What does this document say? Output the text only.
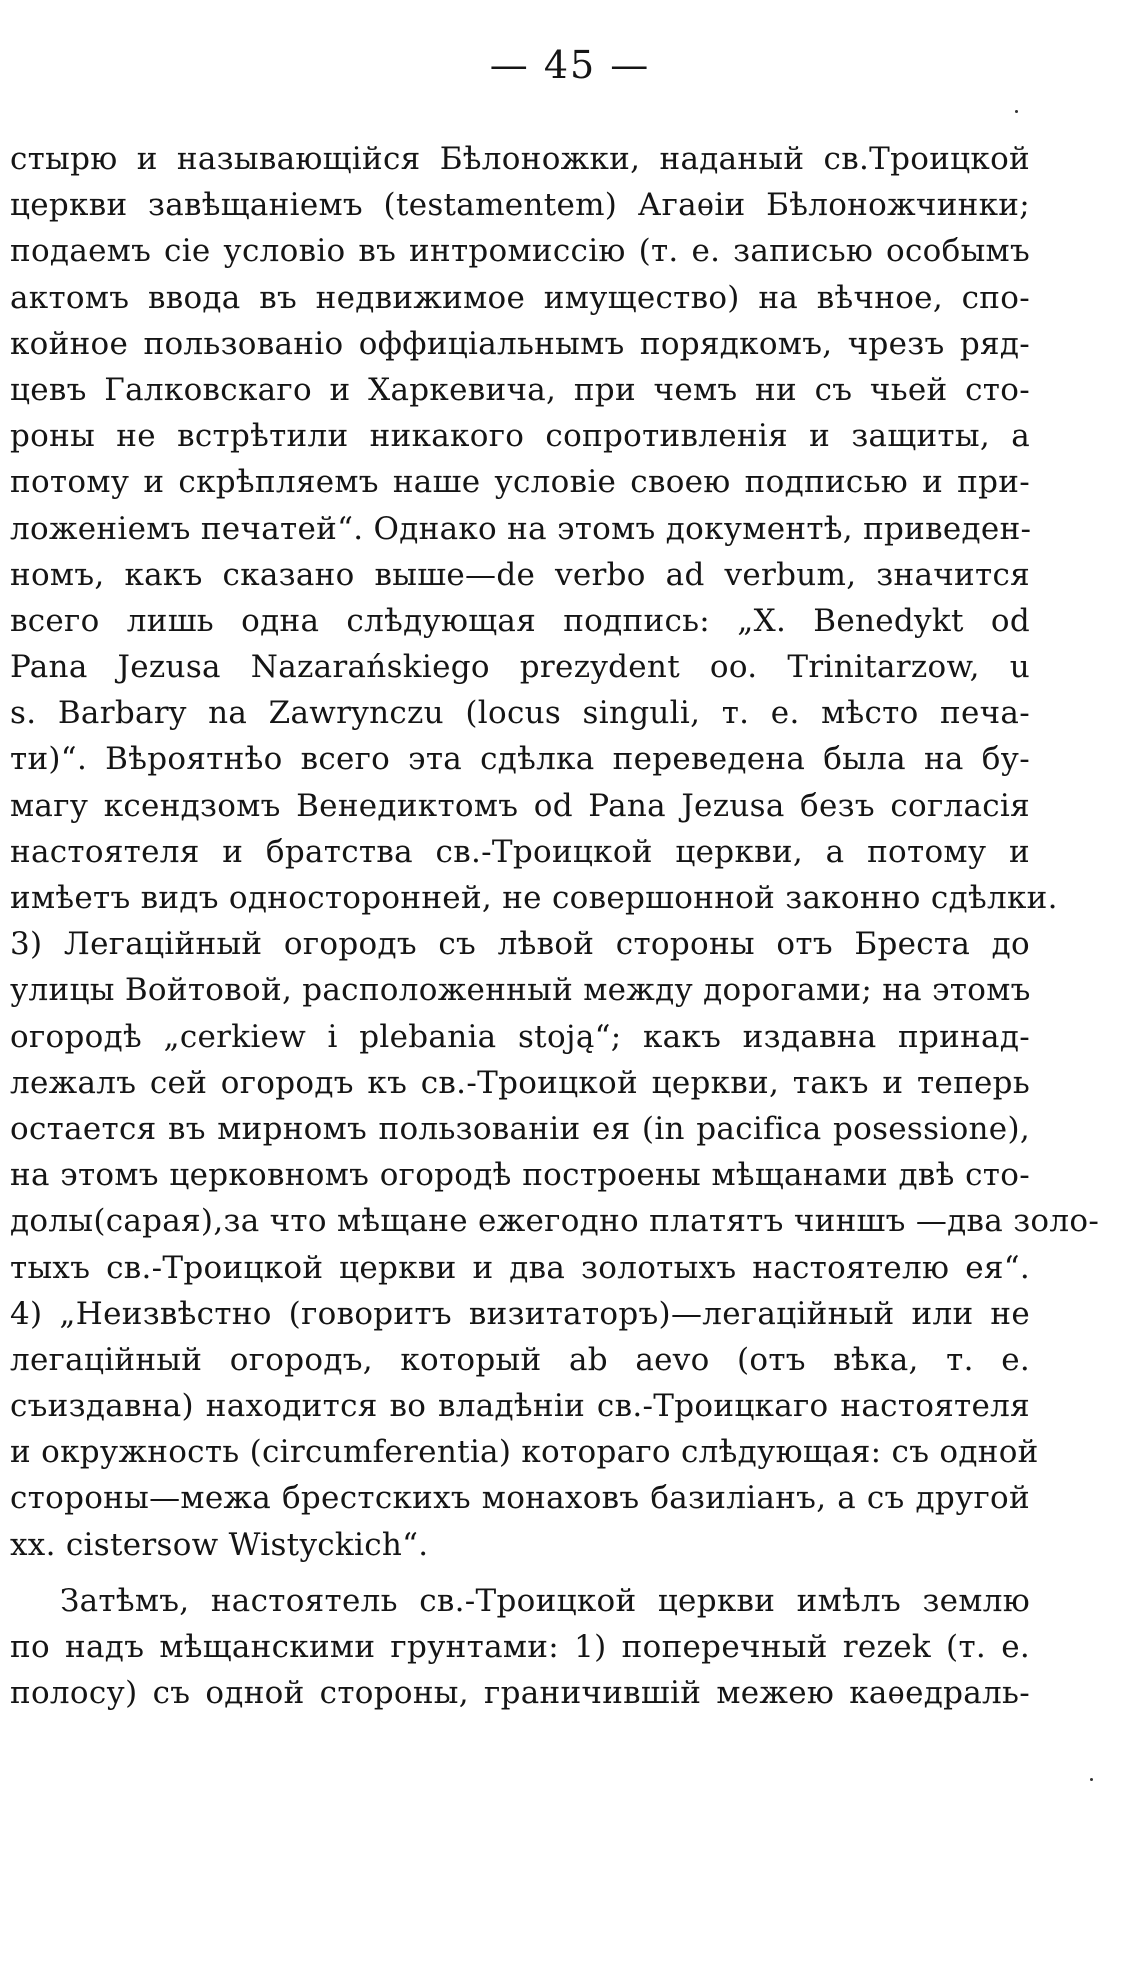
— 45 —
стырю и называющійся Бѣлоножки, наданый св.Троицкой
церкви завѣщаніемъ (testamentem) Агаѳіи Бѣлоножчинки;
подаемъ сіе условіо въ интромиссію (т. е. записью особымъ
актомъ ввода въ недвижимое имущество) на вѣчное, спо-
койное пользованіо оффиціальнымъ порядкомъ, чрезъ ряд-
цевъ Галковскаго и Харкевича, при чемъ ни съ чьей сто-
роны не встрѣтили никакого сопротивленія и защиты, а
потому и скрѣпляемъ наше условіе своею подписью и при-
ложеніемъ печатей“. Однако на этомъ документѣ, приведен-
номъ, какъ сказано выше—de verbo ad verbum, значится
всего лишь одна слѣдующая подпись: „X. Benedykt od
Pana Jezusa Nazarańskiego prezydent oo. Trinitarzow, u
s. Barbary na Zawrynczu (locus singuli, т. е. мѣсто печа-
ти)“. Вѣроятнѣо всего эта сдѣлка переведена была на бу-
магу ксендзомъ Венедиктомъ od Pana Jezusa безъ согласія
настоятеля и братства св.-Троицкой церкви, а потому и
имѣетъ видъ односторонней, не совершонной законно сдѣлки.
3) Легаційный огородъ съ лѣвой стороны отъ Бреста до
улицы Войтовой, расположенный между дорогами; на этомъ
огородѣ „cerkiew i plebania stoją“; какъ издавна принад-
лежалъ сей огородъ къ св.-Троицкой церкви, такъ и теперь
остается въ мирномъ пользованіи ея (in pacifica posessione),
на этомъ церковномъ огородѣ построены мѣщанами двѣ сто-
долы(сарая),за что мѣщане ежегодно платятъ чиншъ —два золо-
тыхъ св.-Троицкой церкви и два золотыхъ настоятелю ея“.
4) „Неизвѣстно (говоритъ визитаторъ)—легаційный или не
легаційный огородъ, который ab aevo (отъ вѣка, т. е.
съиздавна) находится во владѣніи св.-Троицкаго настоятеля
и окружность (circumferentia) котораго слѣдующая: съ одной
стороны—межа брестскихъ монаховъ базиліанъ, а съ другой
xx. cistersow Wistyckich“.
Затѣмъ, настоятель св.-Троицкой церкви имѣлъ землю
по надъ мѣщанскими грунтами: 1) поперечный rezek (т. е.
полосу) съ одной стороны, граничившій межею каѳедраль-
